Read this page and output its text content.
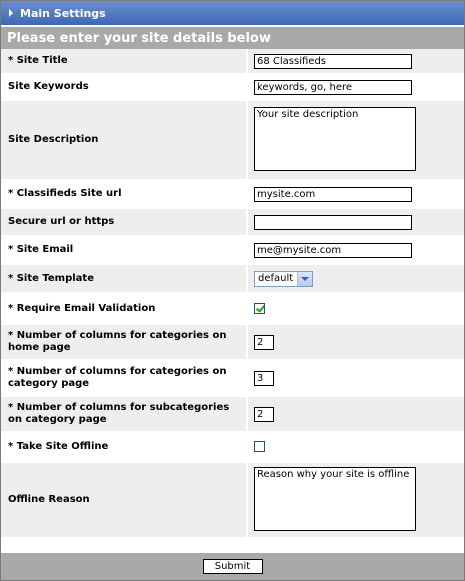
Main Settings
Please enter your site details below
* Site Title	68 Classifieds
Site Keywords	keywords, go, here
Site Description	Your site description
* Classifieds Site url	mysite.com
Secure url or https	
* Site Email	me@mysite.com
* Site Template	default

* Require Email Validation	
* Number of columns for categories on home page	2
* Number of columns for categories on category page	3
* Number of columns for subcategories on category page	2
* Take Site Offline	
Offline Reason	Reason why your site is offline
Submit
